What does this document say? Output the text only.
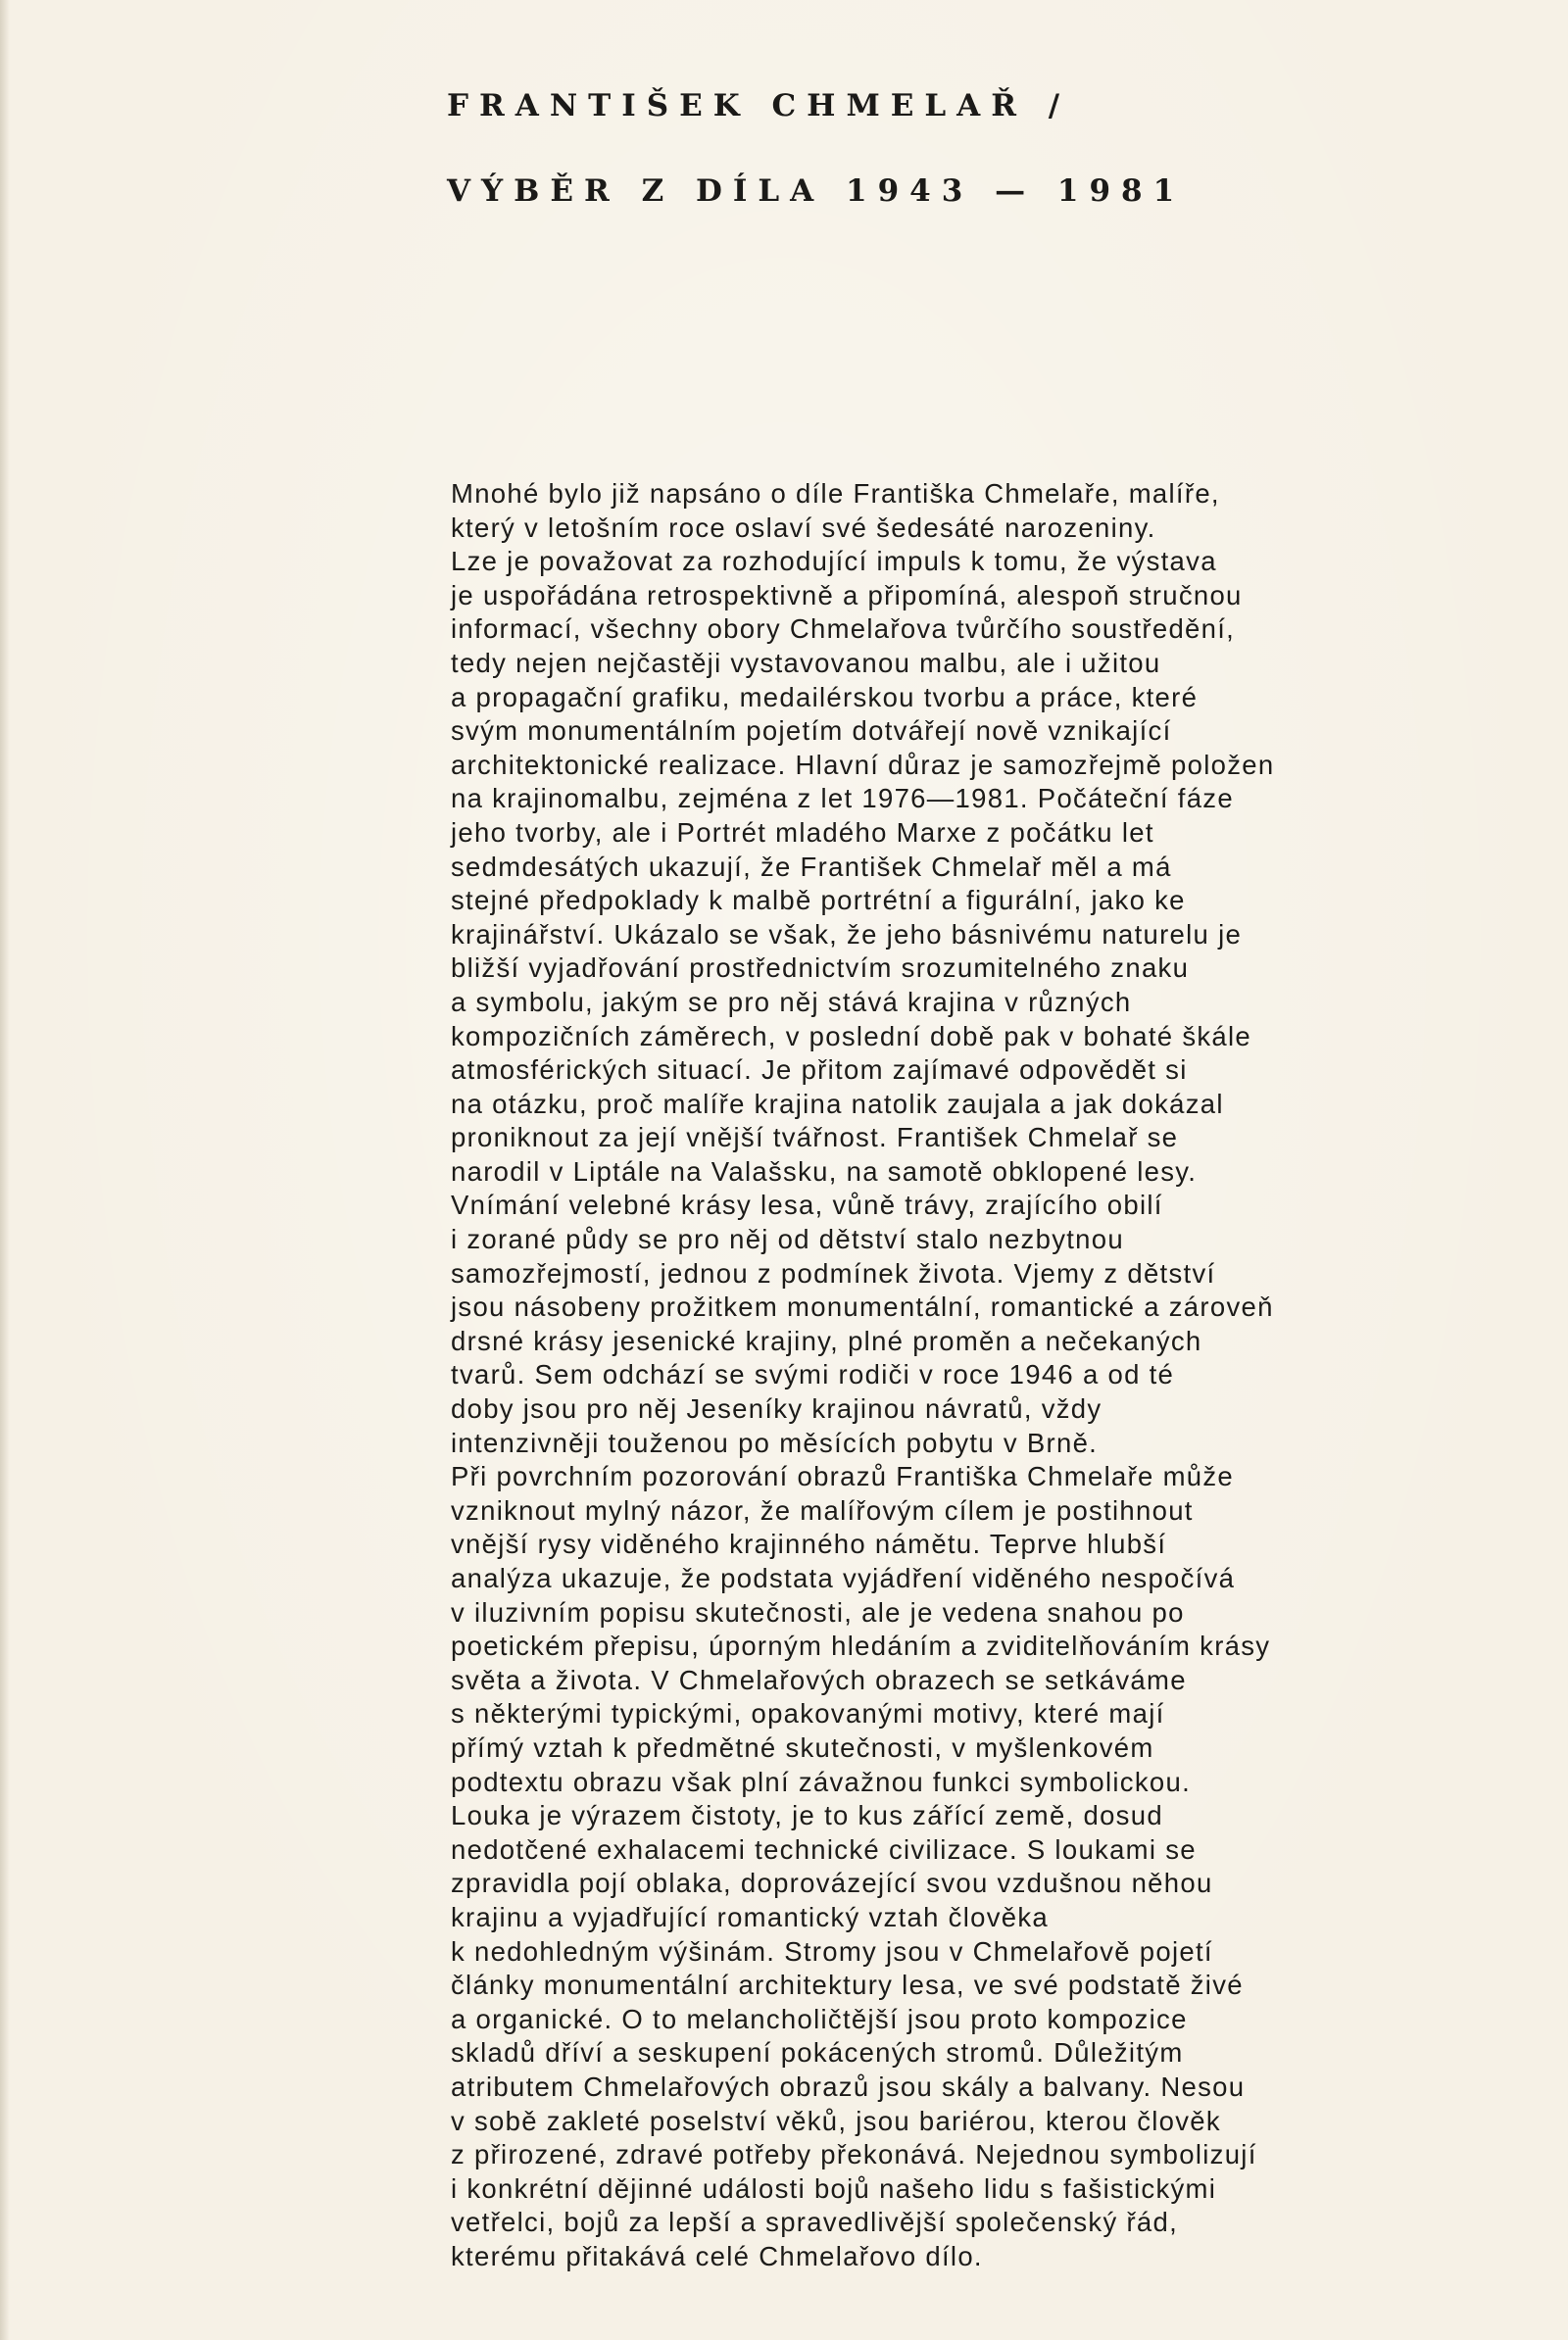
FRANTIŠEK CHMELAŘ /
VÝBĚR Z DÍLA 1943 — 1981
Mnohé bylo již napsáno o díle Františka Chmelaře, malíře,
který v letošním roce oslaví své šedesáté narozeniny.
Lze je považovat za rozhodující impuls k tomu, že výstava
je uspořádána retrospektivně a připomíná, alespoň stručnou
informací, všechny obory Chmelařova tvůrčího soustředění,
tedy nejen nejčastěji vystavovanou malbu, ale i užitou
a propagační grafiku, medailérskou tvorbu a práce, které
svým monumentálním pojetím dotvářejí nově vznikající
architektonické realizace. Hlavní důraz je samozřejmě položen
na krajinomalbu, zejména z let 1976—1981. Počáteční fáze
jeho tvorby, ale i Portrét mladého Marxe z počátku let
sedmdesátých ukazují, že František Chmelař měl a má
stejné předpoklady k malbě portrétní a figurální, jako ke
krajinářství. Ukázalo se však, že jeho básnivému naturelu je
bližší vyjadřování prostřednictvím srozumitelného znaku
a symbolu, jakým se pro něj stává krajina v různých
kompozičních záměrech, v poslední době pak v bohaté škále
atmosférických situací. Je přitom zajímavé odpovědět si
na otázku, proč malíře krajina natolik zaujala a jak dokázal
proniknout za její vnější tvářnost. František Chmelař se
narodil v Liptále na Valašsku, na samotě obklopené lesy.
Vnímání velebné krásy lesa, vůně trávy, zrajícího obilí
i zorané půdy se pro něj od dětství stalo nezbytnou
samozřejmostí, jednou z podmínek života. Vjemy z dětství
jsou násobeny prožitkem monumentální, romantické a zároveň
drsné krásy jesenické krajiny, plné proměn a nečekaných
tvarů. Sem odchází se svými rodiči v roce 1946 a od té
doby jsou pro něj Jeseníky krajinou návratů, vždy
intenzivněji touženou po měsících pobytu v Brně.
Při povrchním pozorování obrazů Františka Chmelaře může
vzniknout mylný názor, že malířovým cílem je postihnout
vnější rysy viděného krajinného námětu. Teprve hlubší
analýza ukazuje, že podstata vyjádření viděného nespočívá
v iluzivním popisu skutečnosti, ale je vedena snahou po
poetickém přepisu, úporným hledáním a zviditelňováním krásy
světa a života. V Chmelařových obrazech se setkáváme
s některými typickými, opakovanými motivy, které mají
přímý vztah k předmětné skutečnosti, v myšlenkovém
podtextu obrazu však plní závažnou funkci symbolickou.
Louka je výrazem čistoty, je to kus zářící země, dosud
nedotčené exhalacemi technické civilizace. S loukami se
zpravidla pojí oblaka, doprovázející svou vzdušnou něhou
krajinu a vyjadřující romantický vztah člověka
k nedohledným výšinám. Stromy jsou v Chmelařově pojetí
články monumentální architektury lesa, ve své podstatě živé
a organické. O to melancholičtější jsou proto kompozice
skladů dříví a seskupení pokácených stromů. Důležitým
atributem Chmelařových obrazů jsou skály a balvany. Nesou
v sobě zakleté poselství věků, jsou bariérou, kterou člověk
z přirozené, zdravé potřeby překonává. Nejednou symbolizují
i konkrétní dějinné události bojů našeho lidu s fašistickými
vetřelci, bojů za lepší a spravedlivější společenský řád,
kterému přitakává celé Chmelařovo dílo.
